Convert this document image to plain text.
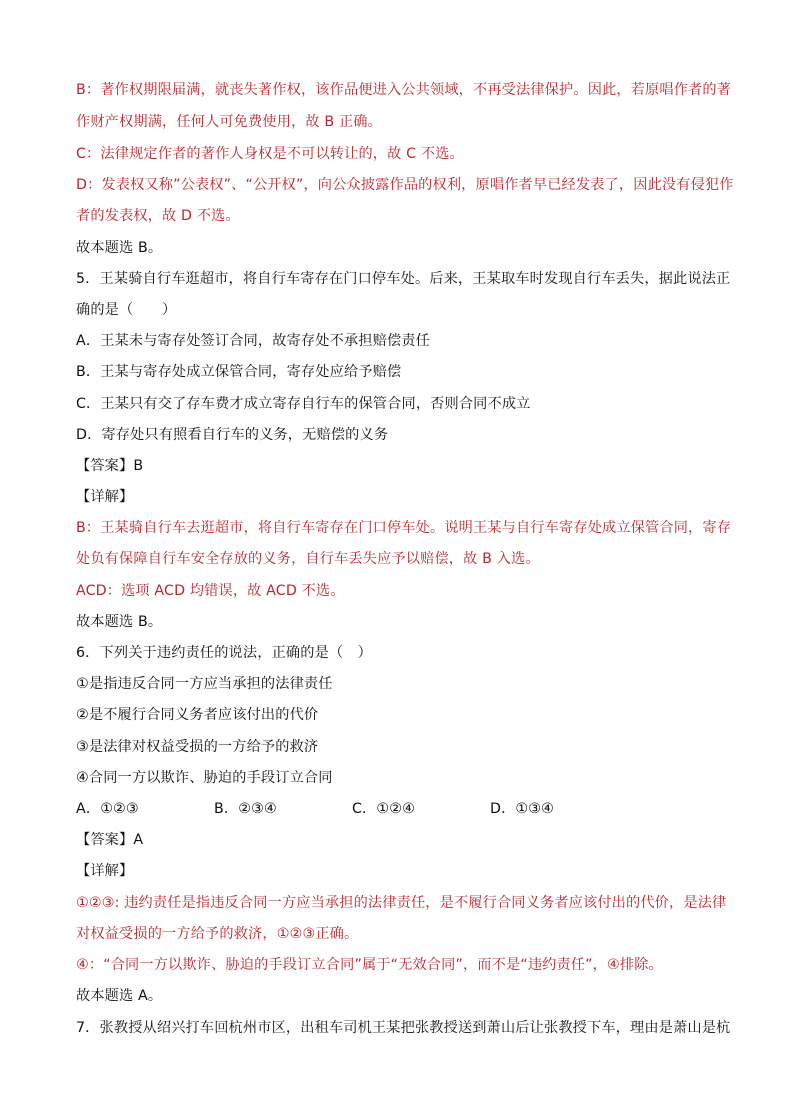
B：著作权期限届满，就丧失著作权，该作品便进入公共领域，不再受法律保护。因此，若原唱作者的著
作财产权期满，任何人可免费使用，故 B 正确。
C：法律规定作者的著作人身权是不可以转让的，故 C 不选。
D：发表权又称”公表权”、“公开权”，向公众披露作品的权利，原唱作者早已经发表了，因此没有侵犯作
者的发表权，故 D 不选。
故本题选 B。
5．王某骑自行车逛超市，将自行车寄存在门口停车处。后来，王某取车时发现自行车丢失，据此说法正
确的是（　　）
A．王某未与寄存处签订合同，故寄存处不承担赔偿责任
B．王某与寄存处成立保管合同，寄存处应给予赔偿
C．王某只有交了存车费才成立寄存自行车的保管合同，否则合同不成立
D．寄存处只有照看自行车的义务，无赔偿的义务
【答案】B
【详解】
B：王某骑自行车去逛超市，将自行车寄存在门口停车处。说明王某与自行车寄存处成立保管合同，寄存
处负有保障自行车安全存放的义务，自行车丢失应予以赔偿，故 B 入选。
ACD：选项 ACD 均错误，故 ACD 不选。
故本题选 B。
6．下列关于违约责任的说法，正确的是（　）
①是指违反合同一方应当承担的法律责任
②是不履行合同义务者应该付出的代价
③是法律对权益受损的一方给予的救济
④合同一方以欺诈、胁迫的手段订立合同
A．①②③	B．②③④	C．①②④	D．①③④
【答案】A
【详解】
①②③: 违约责任是指违反合同一方应当承担的法律责任，是不履行合同义务者应该付出的代价，是法律
对权益受损的一方给予的救济，①②③正确。
④：“合同一方以欺诈、胁迫的手段订立合同”属于“无效合同”，而不是“违约责任”，④排除。
故本题选 A。
7．张教授从绍兴打车回杭州市区，出租车司机王某把张教授送到萧山后让张教授下车，理由是萧山是杭
